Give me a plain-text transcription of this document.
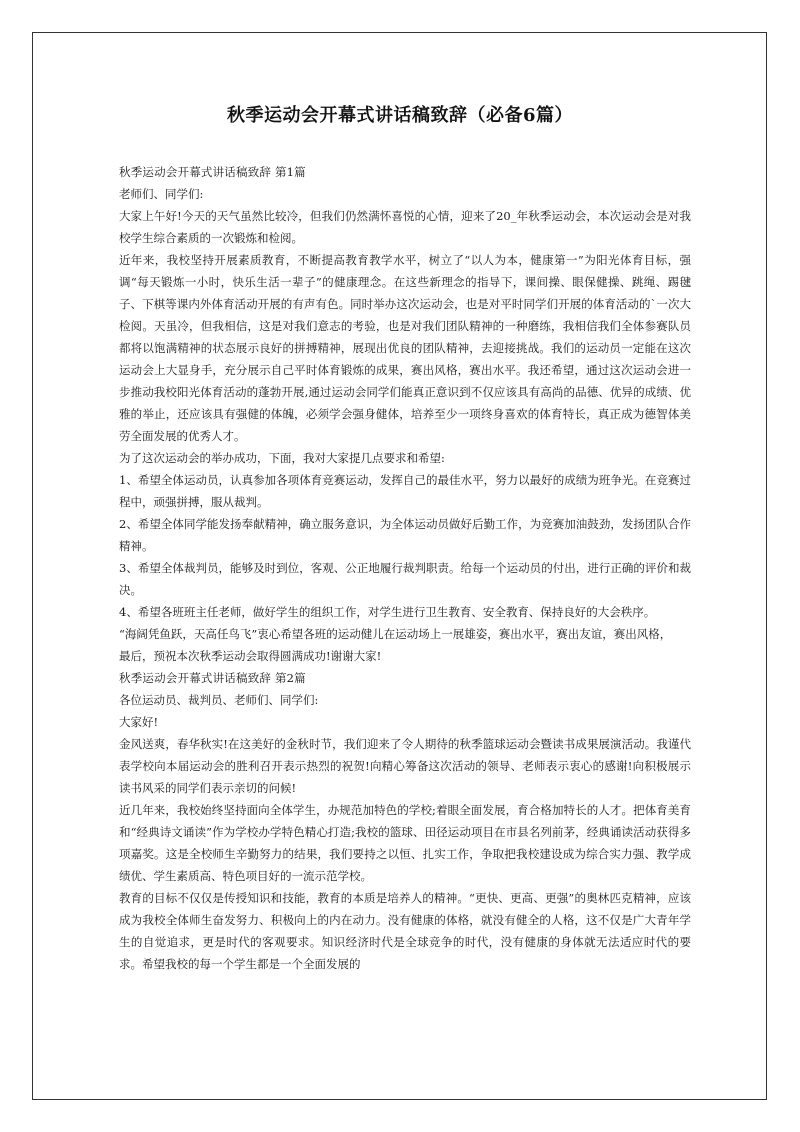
秋季运动会开幕式讲话稿致辞（必备6篇）

秋季运动会开幕式讲话稿致辞 第1篇

老师们、同学们:

大家上午好!今天的天气虽然比较冷，但我们仍然满怀喜悦的心情，迎来了20_年秋季运动会，本次运动会是对我校学生综合素质的一次锻炼和检阅。

近年来，我校坚持开展素质教育，不断提高教育教学水平，树立了“以人为本，健康第一”为阳光体育目标，强调“每天锻炼一小时，快乐生活一辈子”的健康理念。在这些新理念的指导下，课间操、眼保健操、跳绳、踢毽子、下棋等课内外体育活动开展的有声有色。同时举办这次运动会，也是对平时同学们开展的体育活动的`一次大检阅。天虽冷，但我相信，这是对我们意志的考验，也是对我们团队精神的一种磨练，我相信我们全体参赛队员都将以饱满精神的状态展示良好的拼搏精神，展现出优良的团队精神，去迎接挑战。我们的运动员一定能在这次运动会上大显身手，充分展示自己平时体育锻炼的成果，赛出风格，赛出水平。我还希望，通过这次运动会进一步推动我校阳光体育活动的蓬勃开展,通过运动会同学们能真正意识到不仅应该具有高尚的品德、优异的成绩、优雅的举止，还应该具有强健的体魄，必须学会强身健体，培养至少一项终身喜欢的体育特长，真正成为德智体美劳全面发展的优秀人才。

为了这次运动会的举办成功，下面，我对大家提几点要求和希望:

1、希望全体运动员，认真参加各项体育竞赛运动，发挥自己的最佳水平，努力以最好的成绩为班争光。在竞赛过程中，顽强拼搏，服从裁判。

2、希望全体同学能发扬奉献精神，确立服务意识，为全体运动员做好后勤工作，为竞赛加油鼓劲，发扬团队合作精神。

3、希望全体裁判员，能够及时到位，客观、公正地履行裁判职责。给每一个运动员的付出，进行正确的评价和裁决。

4、希望各班班主任老师，做好学生的组织工作，对学生进行卫生教育、安全教育、保持良好的大会秩序。

“海阔凭鱼跃，天高任鸟飞”衷心希望各班的运动健儿在运动场上一展雄姿，赛出水平，赛出友谊，赛出风格，

最后，预祝本次秋季运动会取得圆满成功!谢谢大家!

秋季运动会开幕式讲话稿致辞 第2篇

各位运动员、裁判员、老师们、同学们:

大家好!

金风送爽，春华秋实!在这美好的金秋时节，我们迎来了令人期待的秋季篮球运动会暨读书成果展演活动。我谨代表学校向本届运动会的胜利召开表示热烈的祝贺!向精心筹备这次活动的领导、老师表示衷心的感谢!向积极展示读书风采的同学们表示亲切的问候!

近几年来，我校始终坚持面向全体学生，办规范加特色的学校;着眼全面发展，育合格加特长的人才。把体育美育和“经典诗文诵读”作为学校办学特色精心打造;我校的篮球、田径运动项目在市县名列前茅，经典诵读活动获得多项嘉奖。这是全校师生辛勤努力的结果，我们要持之以恒、扎实工作，争取把我校建设成为综合实力强、教学成绩优、学生素质高、特色项目好的一流示范学校。

教育的目标不仅仅是传授知识和技能，教育的本质是培养人的精神。“更快、更高、更强”的奥林匹克精神，应该成为我校全体师生奋发努力、积极向上的内在动力。没有健康的体格，就没有健全的人格，这不仅是广大青年学生的自觉追求，更是时代的客观要求。知识经济时代是全球竞争的时代，没有健康的身体就无法适应时代的要求。希望我校的每一个学生都是一个全面发展的
